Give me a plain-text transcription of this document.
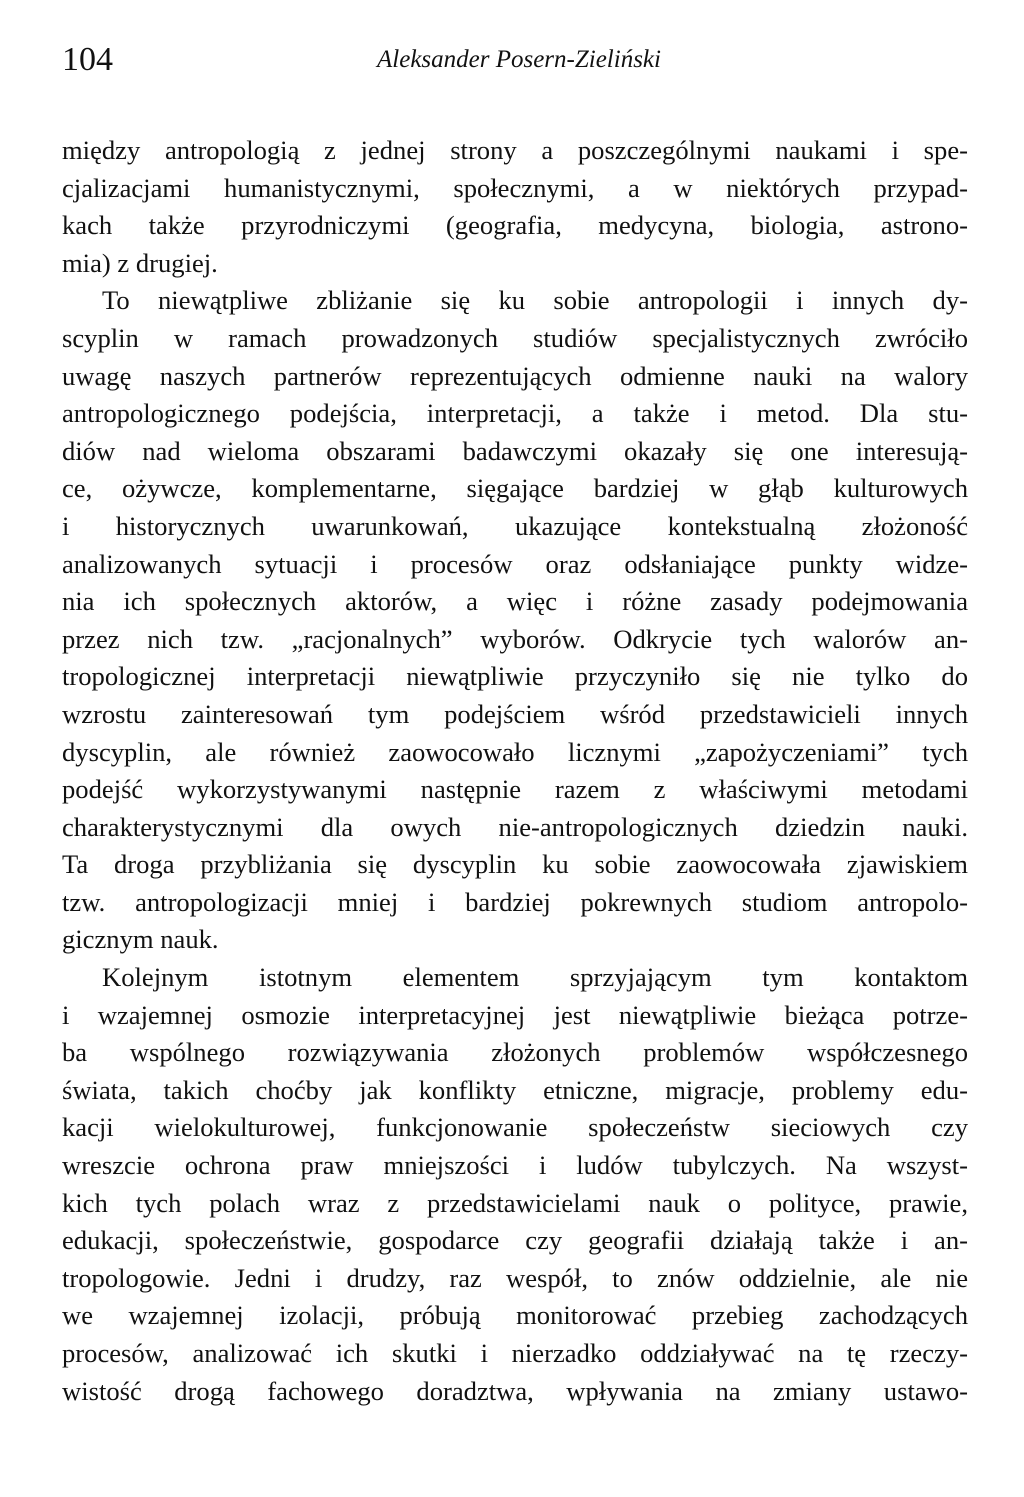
104	Aleksander Posern-Zieliński
między antropologią z jednej strony a poszczególnymi naukami i spe-
cjalizacjami humanistycznymi, społecznymi, a w niektórych przypad-
kach także przyrodniczymi (geografia, medycyna, biologia, astrono-
mia) z drugiej.
To niewątpliwe zbliżanie się ku sobie antropologii i innych dy-
scyplin w ramach prowadzonych studiów specjalistycznych zwróciło
uwagę naszych partnerów reprezentujących odmienne nauki na walory
antropologicznego podejścia, interpretacji, a także i metod. Dla stu-
diów nad wieloma obszarami badawczymi okazały się one interesują-
ce, ożywcze, komplementarne, sięgające bardziej w głąb kulturowych
i historycznych uwarunkowań, ukazujące kontekstualną złożoność
analizowanych sytuacji i procesów oraz odsłaniające punkty widze-
nia ich społecznych aktorów, a więc i różne zasady podejmowania
przez nich tzw. „racjonalnych” wyborów. Odkrycie tych walorów an-
tropologicznej interpretacji niewątpliwie przyczyniło się nie tylko do
wzrostu zainteresowań tym podejściem wśród przedstawicieli innych
dyscyplin, ale również zaowocowało licznymi „zapożyczeniami” tych
podejść wykorzystywanymi następnie razem z właściwymi metodami
charakterystycznymi dla owych nie-antropologicznych dziedzin nauki.
Ta droga przybliżania się dyscyplin ku sobie zaowocowała zjawiskiem
tzw. antropologizacji mniej i bardziej pokrewnych studiom antropolo-
gicznym nauk.
Kolejnym istotnym elementem sprzyjającym tym kontaktom
i wzajemnej osmozie interpretacyjnej jest niewątpliwie bieżąca potrze-
ba wspólnego rozwiązywania złożonych problemów współczesnego
świata, takich choćby jak konflikty etniczne, migracje, problemy edu-
kacji wielokulturowej, funkcjonowanie społeczeństw sieciowych czy
wreszcie ochrona praw mniejszości i ludów tubylczych. Na wszyst-
kich tych polach wraz z przedstawicielami nauk o polityce, prawie,
edukacji, społeczeństwie, gospodarce czy geografii działają także i an-
tropologowie. Jedni i drudzy, raz wespół, to znów oddzielnie, ale nie
we wzajemnej izolacji, próbują monitorować przebieg zachodzących
procesów, analizować ich skutki i nierzadko oddziaływać na tę rzeczy-
wistość drogą fachowego doradztwa, wpływania na zmiany ustawo-
